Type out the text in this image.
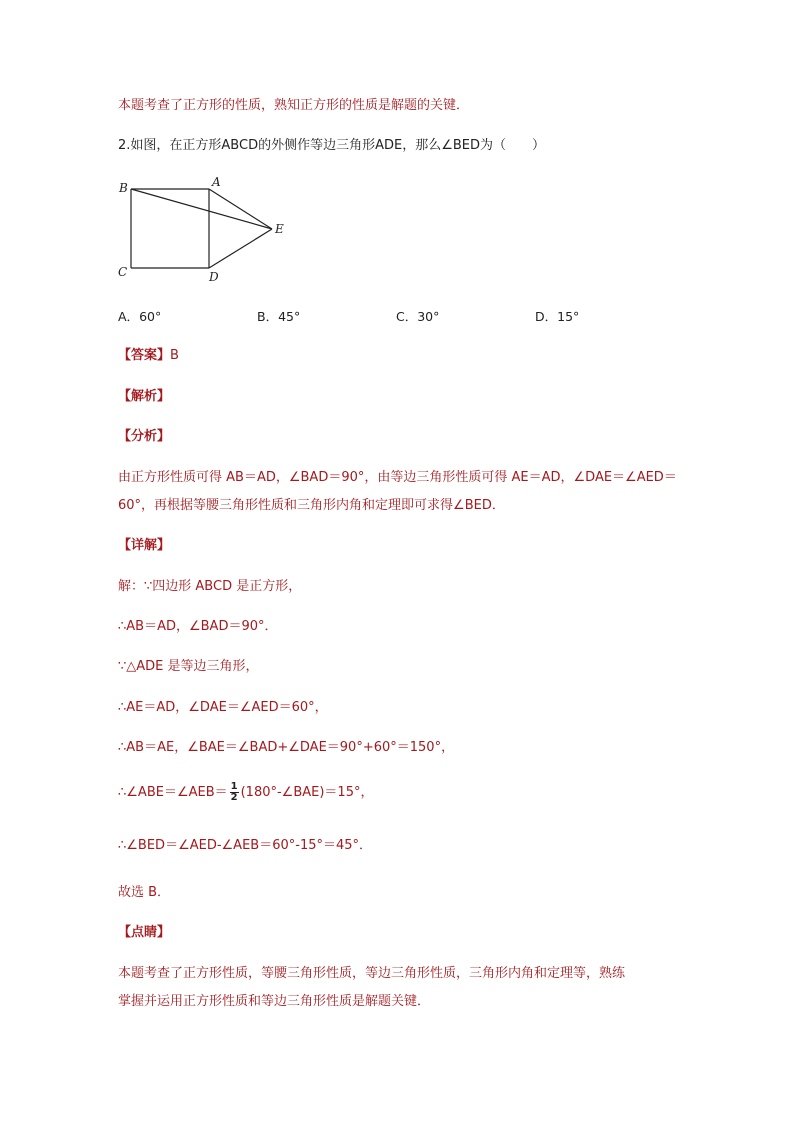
本题考查了正方形的性质，熟知正方形的性质是解题的关键．
2.如图，在正方形ABCD的外侧作等边三角形ADE，那么∠BED为（　　）
A
B
C	D
E
A．60°	B．45°	C．30°	D．15°
【答案】B
【解析】
【分析】
由正方形性质可得 AB＝AD，∠BAD＝90°，由等边三角形性质可得 AE＝AD，∠DAE＝∠AED＝
60°，再根据等腰三角形性质和三角形内角和定理即可求得∠BED．
【详解】
解：∵四边形 ABCD 是正方形，
∴AB＝AD，∠BAD＝90°．
∵△ADE 是等边三角形，
∴AE＝AD，∠DAE＝∠AED＝60°，
∴AB＝AE，∠BAE＝∠BAD+∠DAE＝90°+60°＝150°，
∴∠ABE＝∠AEB＝ $\frac{1}{2}$ (180°-∠BAE)＝15°，
∴∠BED＝∠AED-∠AEB＝60°-15°＝45°．
故选 B．
【点睛】
本题考查了正方形性质，等腰三角形性质，等边三角形性质，三角形内角和定理等，熟练
掌握并运用正方形性质和等边三角形性质是解题关键．
